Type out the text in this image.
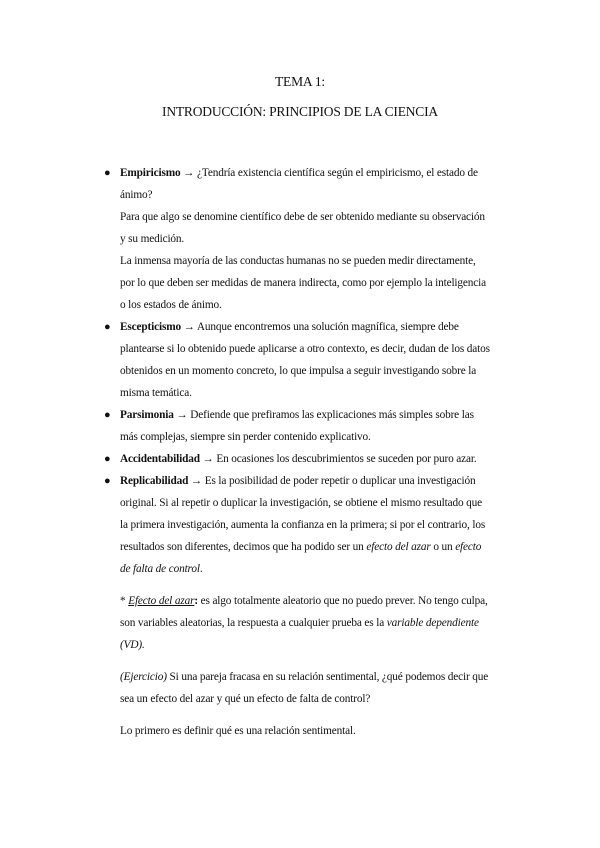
TEMA 1:
INTRODUCCIÓN: PRINCIPIOS DE LA CIENCIA
● Empiricismo → ¿Tendría existencia científica según el empiricismo, el estado de ánimo?

Para que algo se denomine científico debe de ser obtenido mediante su observación y su medición.

La inmensa mayoría de las conductas humanas no se pueden medir directamente, por lo que deben ser medidas de manera indirecta, como por ejemplo la inteligencia o los estados de ánimo.

● Escepticismo → Aunque encontremos una solución magnífica, siempre debe plantearse si lo obtenido puede aplicarse a otro contexto, es decir, dudan de los datos obtenidos en un momento concreto, lo que impulsa a seguir investigando sobre la misma temática.

● Parsimonia → Defiende que prefiramos las explicaciones más simples sobre las más complejas, siempre sin perder contenido explicativo.

● Accidentabilidad → En ocasiones los descubrimientos se suceden por puro azar.

● Replicabilidad → Es la posibilidad de poder repetir o duplicar una investigación original. Si al repetir o duplicar la investigación, se obtiene el mismo resultado que la primera investigación, aumenta la confianza en la primera; si por el contrario, los resultados son diferentes, decimos que ha podido ser un efecto del azar o un efecto de falta de control.

* Efecto del azar: es algo totalmente aleatorio que no puedo prever. No tengo culpa, son variables aleatorias, la respuesta a cualquier prueba es la variable dependiente (VD).

(Ejercicio) Si una pareja fracasa en su relación sentimental, ¿qué podemos decir que sea un efecto del azar y qué un efecto de falta de control?

Lo primero es definir qué es una relación sentimental.
